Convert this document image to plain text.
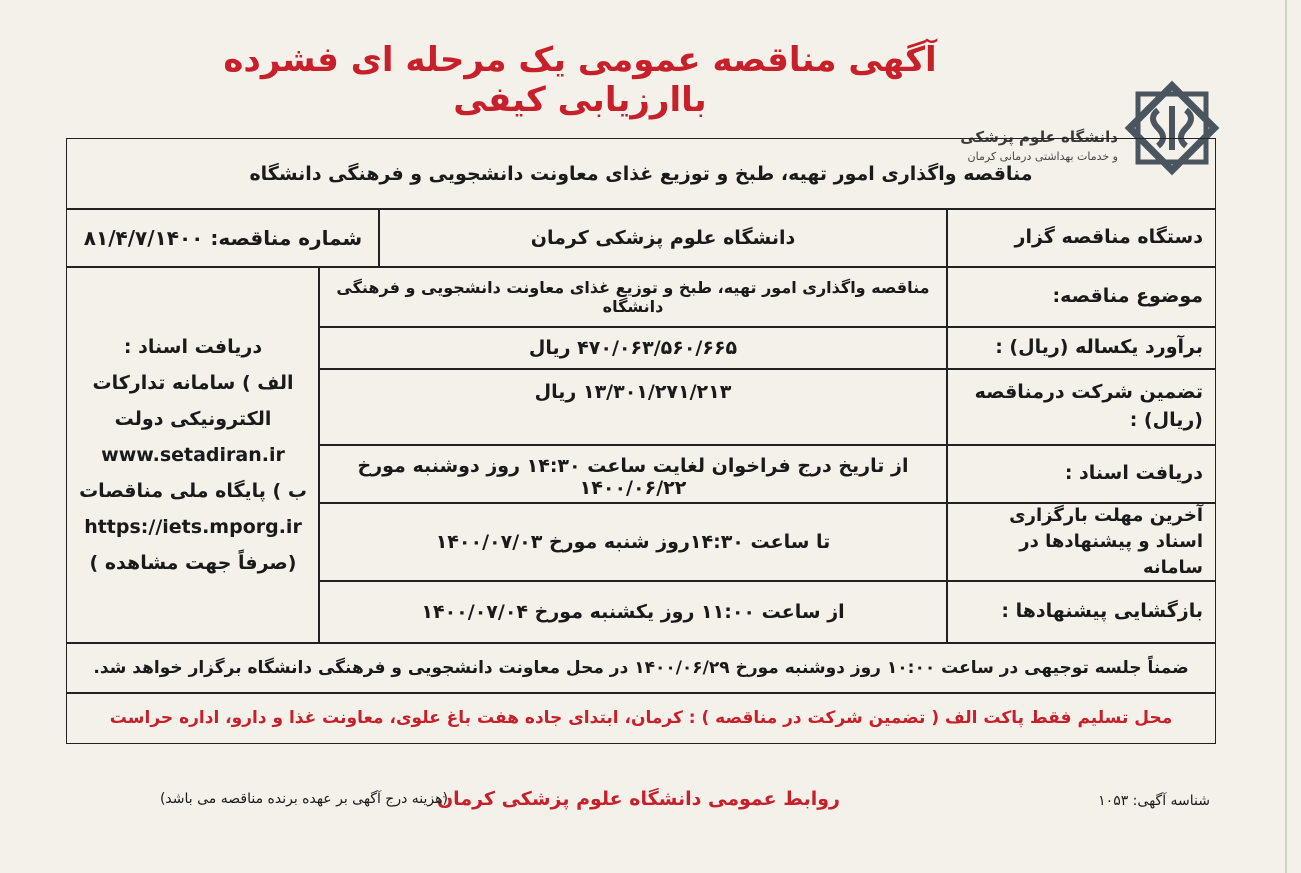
آگهی مناقصه عمومی یک مرحله ای فشرده باارزیابی کیفی
دانشگاه علوم پزشکی
و خدمات بهداشتی درمانی کرمان
مناقصه واگذاری امور تهیه، طبخ و توزیع غذای معاونت دانشجویی و فرهنگی دانشگاه
دستگاه مناقصه گزار
دانشگاه علوم پزشکی کرمان
شماره مناقصه: ۸۱/۴/۷/۱۴۰۰
دریافت اسناد :
الف ) سامانه تدارکات
الکترونیکی دولت
www.setadiran.ir
ب ) پایگاه ملی مناقصات
https://iets.mporg.ir
(صرفاً جهت مشاهده )
موضوع مناقصه:
مناقصه واگذاری امور تهیه، طبخ و توزیع غذای معاونت دانشجویی و فرهنگی دانشگاه
برآورد یکساله (ریال) :
۴۷۰/۰۶۳/۵۶۰/۶۶۵ ریال
تضمین شرکت درمناقصه (ریال) :
۱۳/۳۰۱/۲۷۱/۲۱۳ ریال
دریافت اسناد :
از تاریخ درج فراخوان لغایت ساعت ۱۴:۳۰ روز دوشنبه مورخ ۱۴۰۰/۰۶/۲۲
آخرین مهلت بارگزاری اسناد و پیشنهادها در سامانه
تا ساعت ۱۴:۳۰روز شنبه مورخ ۱۴۰۰/۰۷/۰۳
بازگشایی پیشنهادها :
از ساعت ۱۱:۰۰ روز یکشنبه مورخ ۱۴۰۰/۰۷/۰۴
ضمناً جلسه توجیهی در ساعت ۱۰:۰۰ روز دوشنبه مورخ ۱۴۰۰/۰۶/۲۹ در محل معاونت دانشجویی و فرهنگی دانشگاه برگزار خواهد شد.
محل تسلیم فقط پاکت الف ( تضمین شرکت در مناقصه ) : کرمان، ابتدای جاده هفت باغ علوی، معاونت غذا و دارو، اداره حراست
روابط عمومی دانشگاه علوم پزشکی کرمان
(هزینه درج آگهی بر عهده برنده مناقصه می باشد)	شناسه آگهی: ۱۰۵۳
